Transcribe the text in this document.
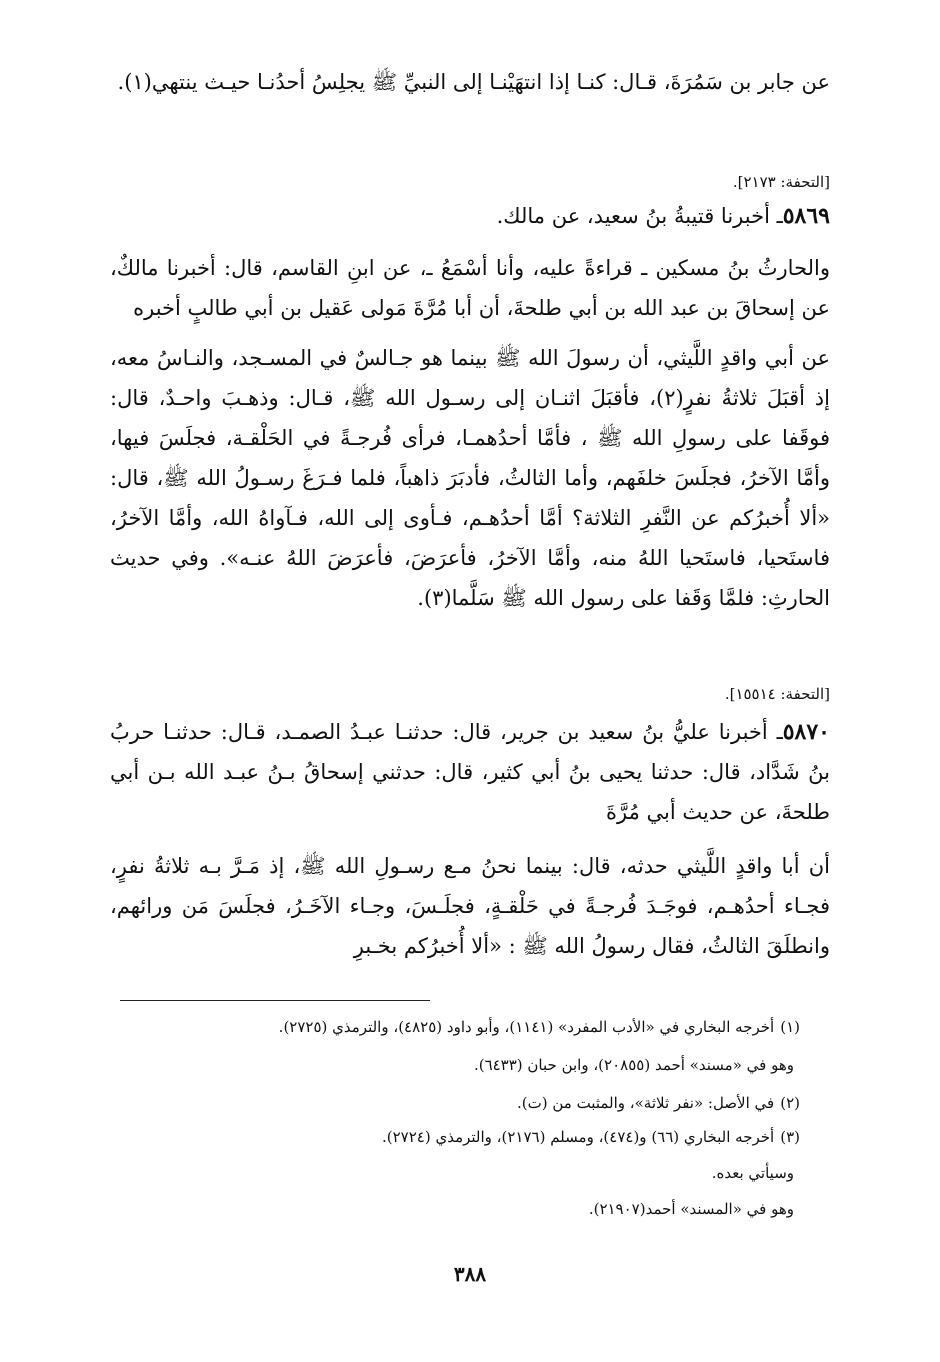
عن جابر بن سَمُرَةَ، قـال: كنـا إذا انتهَيْنـا إلى النبيِّ ﷺ يجلِسُ أحدُنـا حيـث ينتهي(١).

[التحفة: ٢١٧٣].

٥٨٦٩ـ أخبرنا قتيبةُ بنُ سعيد، عن مالك.

والحارثُ بنُ مسكين ـ قراءةً عليه، وأنا أسْمَعُ ـ، عن ابنِ القاسم، قال: أخبرنا مالكٌ، عن إسحاقَ بن عبد الله بن أبي طلحةَ، أن أبا مُرَّةَ مَولى عَقيل بن أبي طالبٍ أخبره

عن أبي واقدٍ اللَّيثي، أن رسولَ الله ﷺ بينما هو جـالسٌ في المسـجد، والنـاسُ معه، إذ أقبَلَ ثلاثةُ نفرٍ(٢)، فأقبَلَ اثنـان إلى رسـول الله ﷺ، قـال: وذهـبَ واحـدٌ، قال: فوقَفا على رسولِ الله ﷺ ، فأمَّا أحدُهمـا، فرأى فُرجـةً في الحَلْقـة، فجلَسَ فيها، وأمَّا الآخرُ، فجلَسَ خلفَهم، وأما الثالثُ، فأدبَرَ ذاهباً، فلما فـرَغَ رسـولُ الله ﷺ، قال: «ألا أُخبرُكم عن النَّفرِ الثلاثة؟ أمَّا أحدُهـم، فـأوى إلى الله، فـآواهُ الله، وأمَّا الآخرُ، فاستَحيا، فاستَحيا اللهُ منه، وأمَّا الآخرُ، فأعرَضَ، فأعرَضَ اللهُ عنـه». وفي حديث الحارثِ: فلمَّا وَقَفا على رسول الله ﷺ سَلَّما(٣).

[التحفة: ١٥٥١٤].

٥٨٧٠ـ أخبرنا عليُّ بنُ سعيد بن جرير، قال: حدثنـا عبـدُ الصمـد، قـال: حدثنـا حربُ بنُ شَدَّاد، قال: حدثنا يحيى بنُ أبي كثير، قال: حدثني إسحاقُ بـنُ عبـد الله بـن أبي طلحةَ، عن حديث أبي مُرَّةَ

أن أبا واقدٍ اللَّيثي حدثه، قال: بينما نحنُ مـع رسـولِ الله ﷺ، إذ مَـرَّ بـه ثلاثةُ نفرٍ، فجـاء أحدُهـم، فوجَـدَ فُرجـةً في حَلْقـةٍ، فجلَـسَ، وجـاء الآخَـرُ، فجلَسَ مَن ورائهم، وانطلَقَ الثالثُ، فقال رسولُ الله ﷺ : «ألا أُخبرُكم بخـبرِ

(١)أخرجه البخاري في «الأدب المفرد» (١١٤١)، وأبو داود (٤٨٢٥)، والترمذي (٢٧٢٥).

وهو في «مسند» أحمد (٢٠٨٥٥)، وابن حبان (٦٤٣٣).

(٢)في الأصل: «نفر ثلاثة»، والمثبت من (ت).

(٣)أخرجه البخاري (٦٦) و(٤٧٤)، ومسلم (٢١٧٦)، والترمذي (٢٧٢٤).

وسيأتي بعده.

وهو في «المسند» أحمد(٢١٩٠٧).

٣٨٨
